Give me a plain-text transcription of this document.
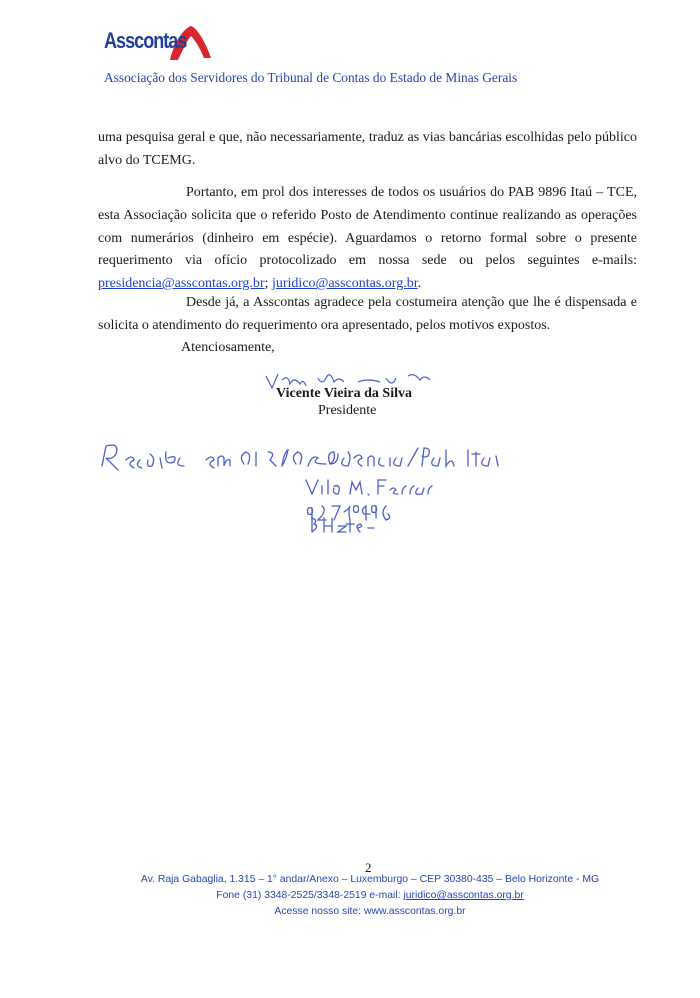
Asscontas
Associação dos Servidores do Tribunal de Contas do Estado de Minas Gerais

uma pesquisa geral e que, não necessariamente, traduz as vias bancárias escolhidas pelo público alvo do TCEMG.

Portanto, em prol dos interesses de todos os usuários do PAB 9896 Itaú – TCE, esta Associação solicita que o referido Posto de Atendimento continue realizando as operações com numerários (dinheiro em espécie). Aguardamos o retorno formal sobre o presente requerimento via ofício protocolizado em nossa sede ou pelos seguintes e-mails: presidencia@asscontas.org.br; juridico@asscontas.org.br.

Desde já, a Asscontas agradece pela costumeira atenção que lhe é dispensada e solicita o atendimento do requerimento ora apresentado, pelos motivos expostos.

Atenciosamente,
Vicente Vieira da Silva
Presidente
2
Av. Raja Gabaglia, 1.315 – 1° andar/Anexo – Luxemburgo – CEP 30380-435 – Belo Horizonte - MG
Fone (31) 3348-2525/3348-2519 e-mail: juridico@asscontas.org.br
Acesse nosso site: www.asscontas.org.br
